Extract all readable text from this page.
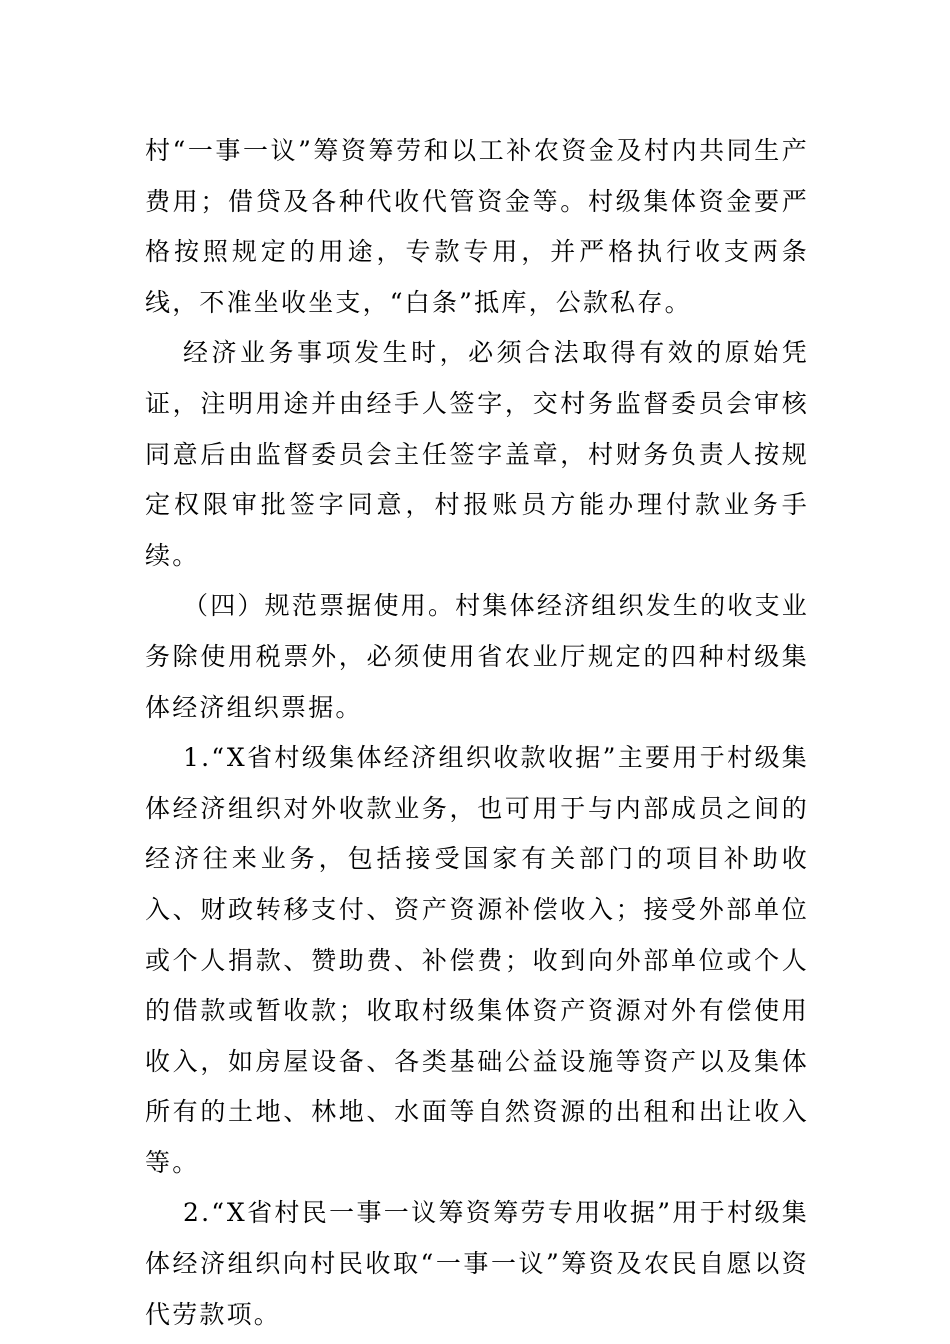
村“一事一议”筹资筹劳和以工补农资金及村内共同生产费用；借贷及各种代收代管资金等。村级集体资金要严格按照规定的用途，专款专用，并严格执行收支两条线，不准坐收坐支，“白条”抵库，公款私存。

经济业务事项发生时，必须合法取得有效的原始凭证，注明用途并由经手人签字，交村务监督委员会审核同意后由监督委员会主任签字盖章，村财务负责人按规定权限审批签字同意，村报账员方能办理付款业务手续。

（四）规范票据使用。村集体经济组织发生的收支业务除使用税票外，必须使用省农业厅规定的四种村级集体经济组织票据。

1.“X省村级集体经济组织收款收据”主要用于村级集体经济组织对外收款业务，也可用于与内部成员之间的经济往来业务，包括接受国家有关部门的项目补助收入、财政转移支付、资产资源补偿收入；接受外部单位或个人捐款、赞助费、补偿费；收到向外部单位或个人的借款或暂收款；收取村级集体资产资源对外有偿使用收入，如房屋设备、各类基础公益设施等资产以及集体所有的土地、林地、水面等自然资源的出租和出让收入等。

2.“X省村民一事一议筹资筹劳专用收据”用于村级集体经济组织向村民收取“一事一议”筹资及农民自愿以资代劳款项。
